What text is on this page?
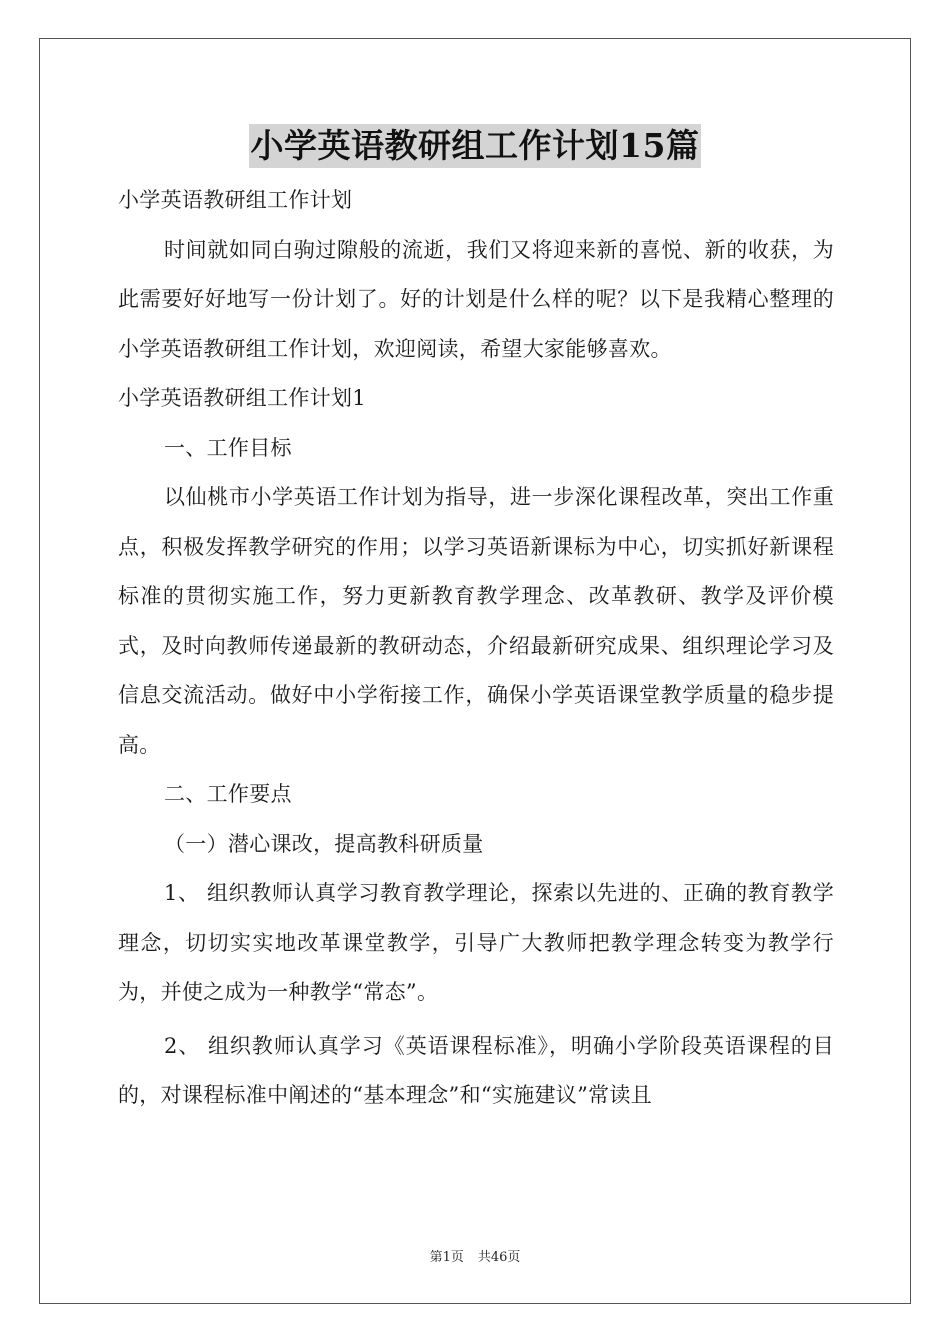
小学英语教研组工作计划15篇

小学英语教研组工作计划

时间就如同白驹过隙般的流逝，我们又将迎来新的喜悦、新的收获，为此需要好好地写一份计划了。好的计划是什么样的呢？以下是我精心整理的小学英语教研组工作计划，欢迎阅读，希望大家能够喜欢。

小学英语教研组工作计划1

一、工作目标

以仙桃市小学英语工作计划为指导，进一步深化课程改革，突出工作重点，积极发挥教学研究的作用；以学习英语新课标为中心，切实抓好新课程标准的贯彻实施工作，努力更新教育教学理念、改革教研、教学及评价模式，及时向教师传递最新的教研动态，介绍最新研究成果、组织理论学习及信息交流活动。做好中小学衔接工作，确保小学英语课堂教学质量的稳步提高。

二、工作要点

（一）潜心课改，提高教科研质量

1、 组织教师认真学习教育教学理论，探索以先进的、正确的教育教学理念，切切实实地改革课堂教学，引导广大教师把教学理念转变为教学行为，并使之成为一种教学“常态”。

2、 组织教师认真学习《英语课程标准》，明确小学阶段英语课程的目的，对课程标准中阐述的“基本理念”和“实施建议”常读且

第1页 共46页
